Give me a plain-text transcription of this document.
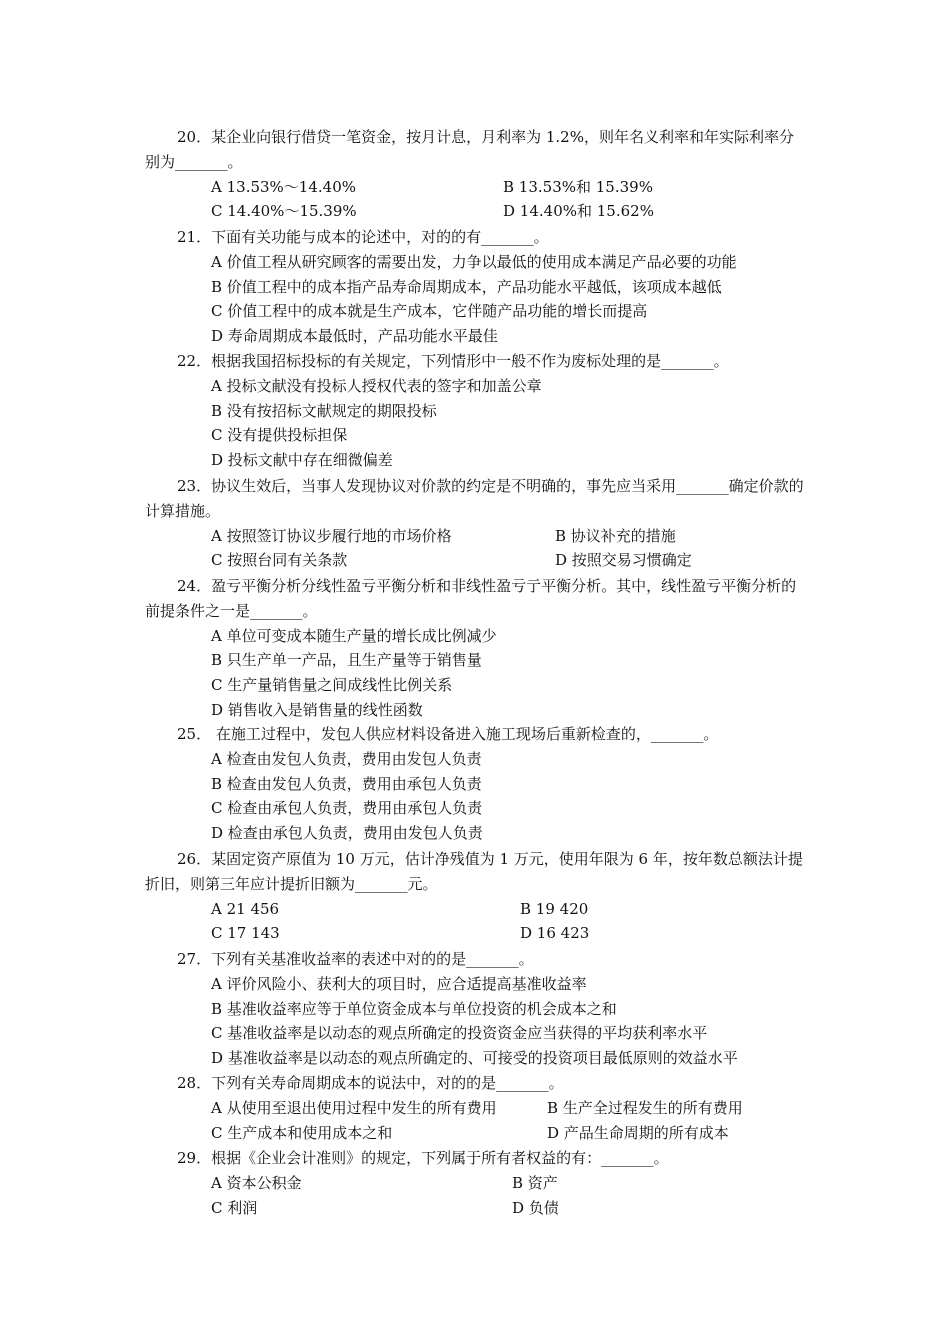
20．某企业向银行借贷一笔资金，按月计息，月利率为 1.2%，则年名义利率和年实际利率分别为_______。

A 13.53%～14.40%	B 13.53%和 15.39%
C 14.40%～15.39%	D 14.40%和 15.62%

21．下面有关功能与成本的论述中，对的的有_______。

A 价值工程从研究顾客的需要出发，力争以最低的使用成本满足产品必要的功能
B 价值工程中的成本指产品寿命周期成本，产品功能水平越低，该项成本越低
C 价值工程中的成本就是生产成本，它伴随产品功能的增长而提高
D 寿命周期成本最低时，产品功能水平最佳

22．根据我国招标投标的有关规定，下列情形中一般不作为废标处理的是_______。

A 投标文献没有投标人授权代表的签字和加盖公章
B 没有按招标文献规定的期限投标
C 没有提供投标担保
D 投标文献中存在细微偏差

23．协议生效后，当事人发现协议对价款的约定是不明确的，事先应当采用_______确定价款的计算措施。

A 按照签订协议步履行地的市场价格	B 协议补充的措施
C 按照台同有关条款	D 按照交易习惯确定

24．盈亏平衡分析分线性盈亏平衡分析和非线性盈亏亍平衡分析。其中，线性盈亏平衡分析的前提条件之一是_______。

A 单位可变成本随生产量的增长成比例减少
B 只生产单一产品，且生产量等于销售量
C 生产量销售量之间成线性比例关系
D 销售收入是销售量的线性函数

25． 在施工过程中，发包人供应材料设备进入施工现场后重新检查的，_______。

A 检查由发包人负责，费用由发包人负责
B 检查由发包人负责，费用由承包人负责
C 检查由承包人负责，费用由承包人负责
D 检查由承包人负责，费用由发包人负责

26．某固定资产原值为 10 万元，估计净残值为 1 万元，使用年限为 6 年，按年数总额法计提折旧，则第三年应计提折旧额为_______元。

A 21 456	B 19 420
C 17 143	D 16 423

27．下列有关基准收益率的表述中对的的是_______。

A 评价风险小、获利大的项目时，应合适提高基准收益率
B 基准收益率应等于单位资金成本与单位投资的机会成本之和
C 基准收益率是以动态的观点所确定的投资资金应当获得的平均获利率水平
D 基准收益率是以动态的观点所确定的、可接受的投资项目最低原则的效益水平

28．下列有关寿命周期成本的说法中，对的的是_______。

A 从使用至退出使用过程中发生的所有费用	B 生产全过程发生的所有费用
C 生产成本和使用成本之和	D 产品生命周期的所有成本

29．根据《企业会计准则》的规定，下列属于所有者权益的有：_______。

A 资本公积金	B 资产
C 利润	D 负债
